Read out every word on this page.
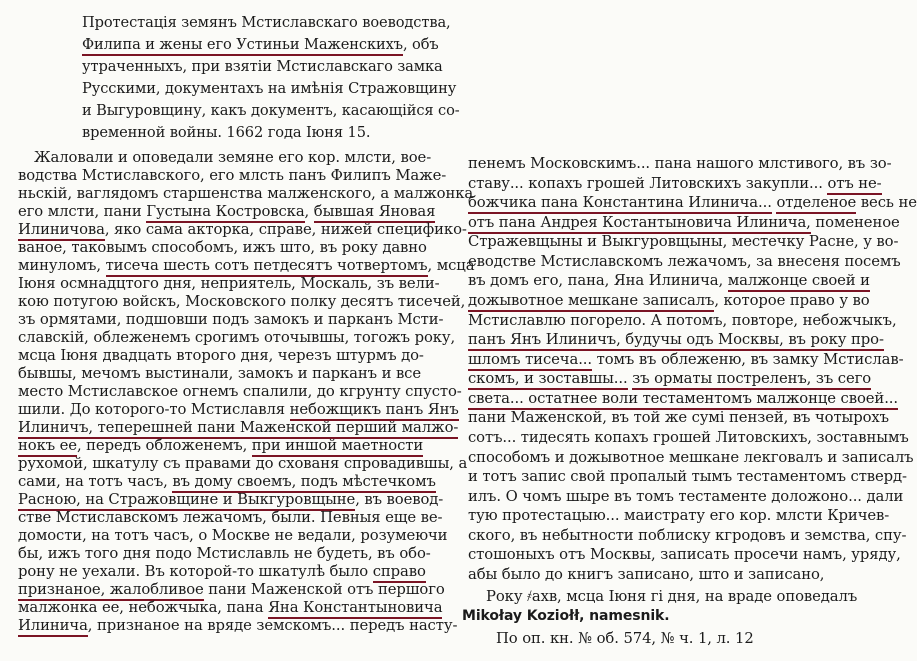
Протестація земянъ Мстиславскаго воеводства,
Филипа и жены его Устиньи Маженскихъ, объ
утраченныхъ, при взятіи Мстиславскаго замка
Русскими, документахъ на имѣнія Стражовщину
и Выгуровщину, какъ документъ, касающійся со-
временной войны. 1662 года Іюня 15.
Жаловали и оповедали земяне его кор. млсти, вое-
водства Мстиславского, его млсть панъ Филипъ Маже-
ньскій, вaглядомъ старшенства малженского, а малжонка
его млсти, пани Густына Костровска, бывшая Яновая
Илиничова, яко сама акторка, справе, нижей специфико-
ваное, таковымъ способомъ, ижъ што, въ року давно
минуломъ, тисеча шесть сотъ петдесятъ чотвертомъ, мсца
Іюня осмнадцтого дня, неприятель, Москаль, зъ вели-
кою потугою войскъ, Московского полку десятъ тисечей,
зъ ормятами, подшовши подъ замокъ и парканъ Мсти-
славскій, облеженемъ срогимъ оточывшы, тогожъ року,
мсца Іюня двадцать второго дня, черезъ штурмъ до-
бывшы, мечомъ выстинали, замокъ и парканъ и все
место Мстиславское огнемъ спалили, до кгрунту спусто-
шили. До которого-то Мстиславля небожщикъ панъ Янъ
Илиничъ, теперешней пани Маженской перший малжо-
нокъ ее, передъ обложенемъ, при иншой маетности
рухомой, шкатулу съ правами до схованя спровадившы, а
сами, на тотъ часъ, въ дому своемъ, подъ мѣстечкомъ
Расною, на Стражовщине и Выкгуровщыне, въ воевод-
стве Мстиславскомъ лежачомъ, были. Певныя еще ве-
домости, на тотъ часъ, о Москве не ведали, розумеючи
бы, ижъ того дня подо Мстиславль не будеть, въ обо-
рону не уехали. Въ которой-то шкатулѣ было справо
признаное, жалобливое пани Маженской отъ першого
малжонка ее, небожчыка, пана Яна Константыновича
Илинича, признаное на вряде земскомъ... передъ насту-
пенемъ Московскимъ... пана нашого млстивого, въ зо-
ставу... копахъ грошей Литовскихъ закупли... отъ не-
божчика пана Константина Илинича... отделеное весь не
отъ пана Андрея Костантыновича Илинича, помененое
Стражевщыны и Выкгуровщыны, местечку Расне, у во-
еводстве Мстиславскомъ лежачомъ, за внесеня посемъ
въ домъ его, пана, Яна Илинича, малжонце своей и
дожывотное мешкане записалъ, которое право у во
Мстиславлю погорело. А потомъ, повторе, небожчыкъ,
панъ Янъ Илиничъ, будучы одъ Москвы, въ року про-
шломъ тисеча... томъ въ облеженю, въ замку Мстислав-
скомъ, и зоставшы... зъ орматы постреленъ, зъ сего
света... остатнее воли тестаментомъ малжонце своей...
пани Маженской, въ той же сумі пензей, въ чотырохъ
сотъ... тидесять копахъ грошей Литовскихъ, зоставнымъ
способомъ и дожывотное мешкане лекговалъ и записалъ
и тотъ запис свой пропалый тымъ тестаментомъ стверд-
илъ. О чомъ шыре въ томъ тестаменте доложоно... дали
тую протестацыю... маистрату его кор. млсти Кричев-
ского, въ небытности поблиску кгродовъ и земства, спу-
стошоныхъ отъ Москвы, записать просечи намъ, уряду,
абы было до книгъ записано, што и записано,
Року ҂ахв, мсца Іюня гі дня, на враде оповедалъ
Mikołay Koziołł, namesnik.
По оп. кн. № об. 574, № ч. 1, л. 12
